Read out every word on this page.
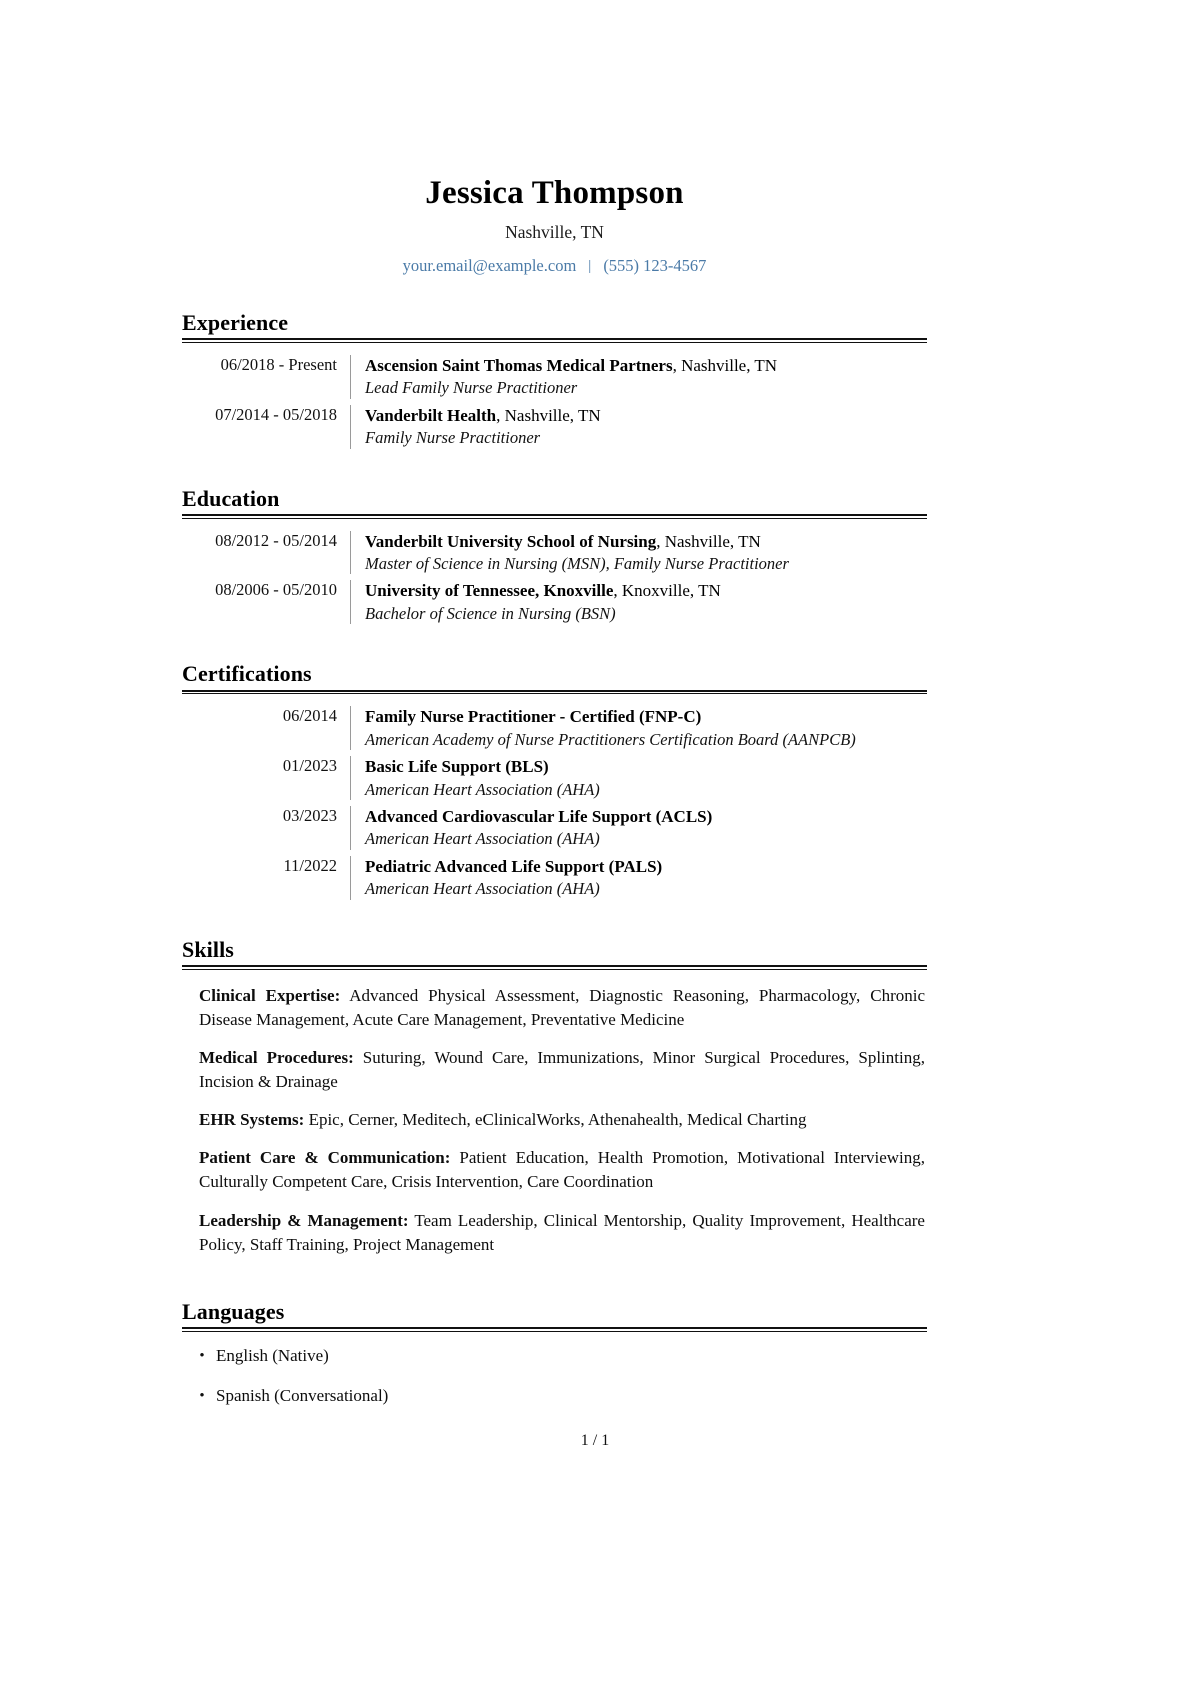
Jessica Thompson
Nashville, TN
your.email@example.com | (555) 123-4567
Experience
06/2018 - Present	Ascension Saint Thomas Medical Partners, Nashville, TN
Lead Family Nurse Practitioner
07/2014 - 05/2018	Vanderbilt Health, Nashville, TN
Family Nurse Practitioner
Education
08/2012 - 05/2014	Vanderbilt University School of Nursing, Nashville, TN
Master of Science in Nursing (MSN), Family Nurse Practitioner
08/2006 - 05/2010	University of Tennessee, Knoxville, Knoxville, TN
Bachelor of Science in Nursing (BSN)
Certifications
06/2014	Family Nurse Practitioner - Certified (FNP-C)
American Academy of Nurse Practitioners Certification Board (AANPCB)
01/2023	Basic Life Support (BLS)
American Heart Association (AHA)
03/2023	Advanced Cardiovascular Life Support (ACLS)
American Heart Association (AHA)
11/2022	Pediatric Advanced Life Support (PALS)
American Heart Association (AHA)
Skills
Clinical Expertise: Advanced Physical Assessment, Diagnostic Reasoning, Pharmacology, Chronic Disease Management, Acute Care Management, Preventative Medicine
Medical Procedures: Suturing, Wound Care, Immunizations, Minor Surgical Procedures, Splinting, Incision & Drainage
EHR Systems: Epic, Cerner, Meditech, eClinicalWorks, Athenahealth, Medical Charting
Patient Care & Communication: Patient Education, Health Promotion, Motivational Interviewing, Culturally Competent Care, Crisis Intervention, Care Coordination
Leadership & Management: Team Leadership, Clinical Mentorship, Quality Improvement, Healthcare Policy, Staff Training, Project Management
Languages
• English (Native)
• Spanish (Conversational)
1 / 1
